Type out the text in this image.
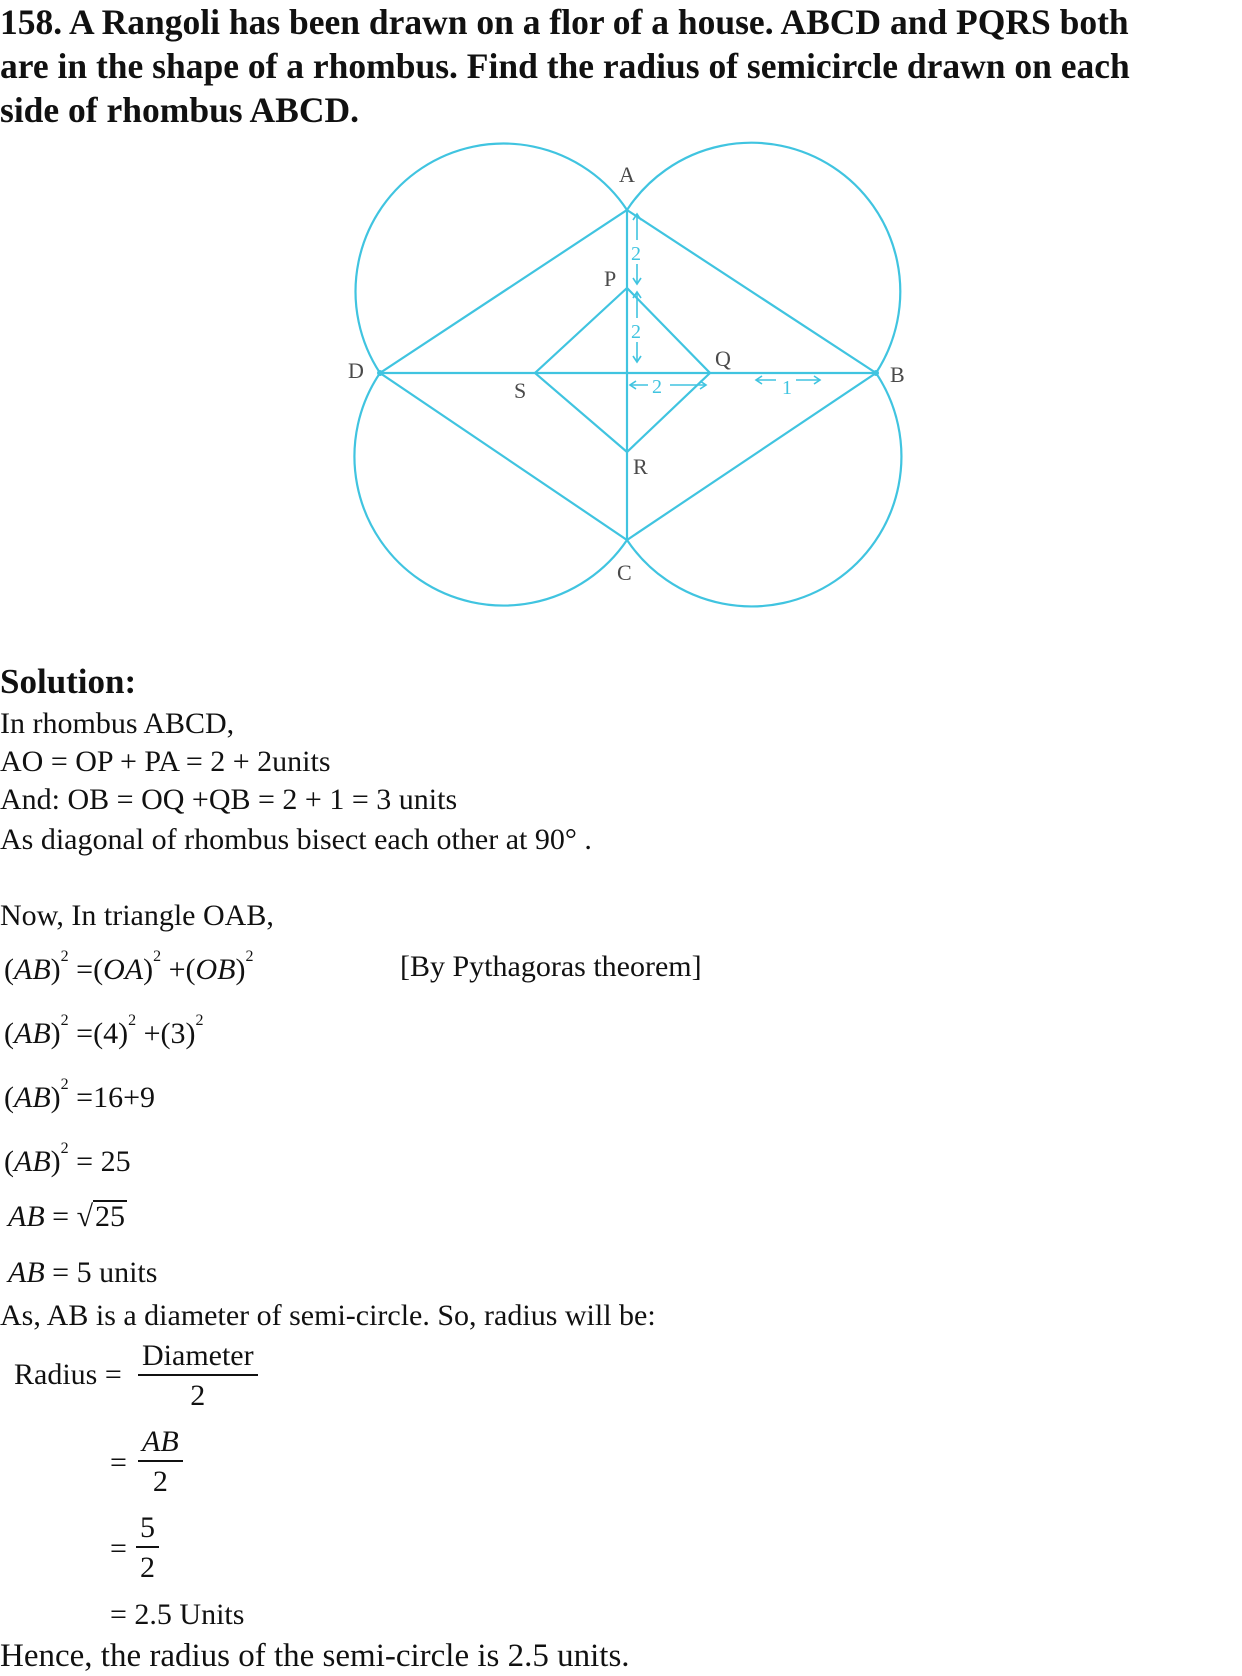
158. A Rangoli has been drawn on a flor of a house. ABCD and PQRS both
are in the shape of a rhombus. Find the radius of semicircle drawn on each
side of rhombus ABCD.
A
B
C
D
P
Q
R
S
2
2
2	1
Solution:
In rhombus ABCD,
AO = OP + PA = 2 + 2units
And: OB = OQ +QB = 2 + 1 = 3 units
As diagonal of rhombus bisect each other at 90° .
Now, In triangle OAB,
(AB)$^2$ =(OA)$^2$ +(OB)$^2$	[By Pythagoras theorem]
$(AB)^2 =(4)^2 +(3)^2$
(AB)$^2$ =16+9
(AB)$^2$ = 25
AB = √25
AB = 5 units
As, AB is a diameter of semi-circle. So, radius will be:
Radius =
Diameter
2
=
AB
2
=
5
2
= 2.5 Units
Hence, the radius of the semi-circle is 2.5 units.
